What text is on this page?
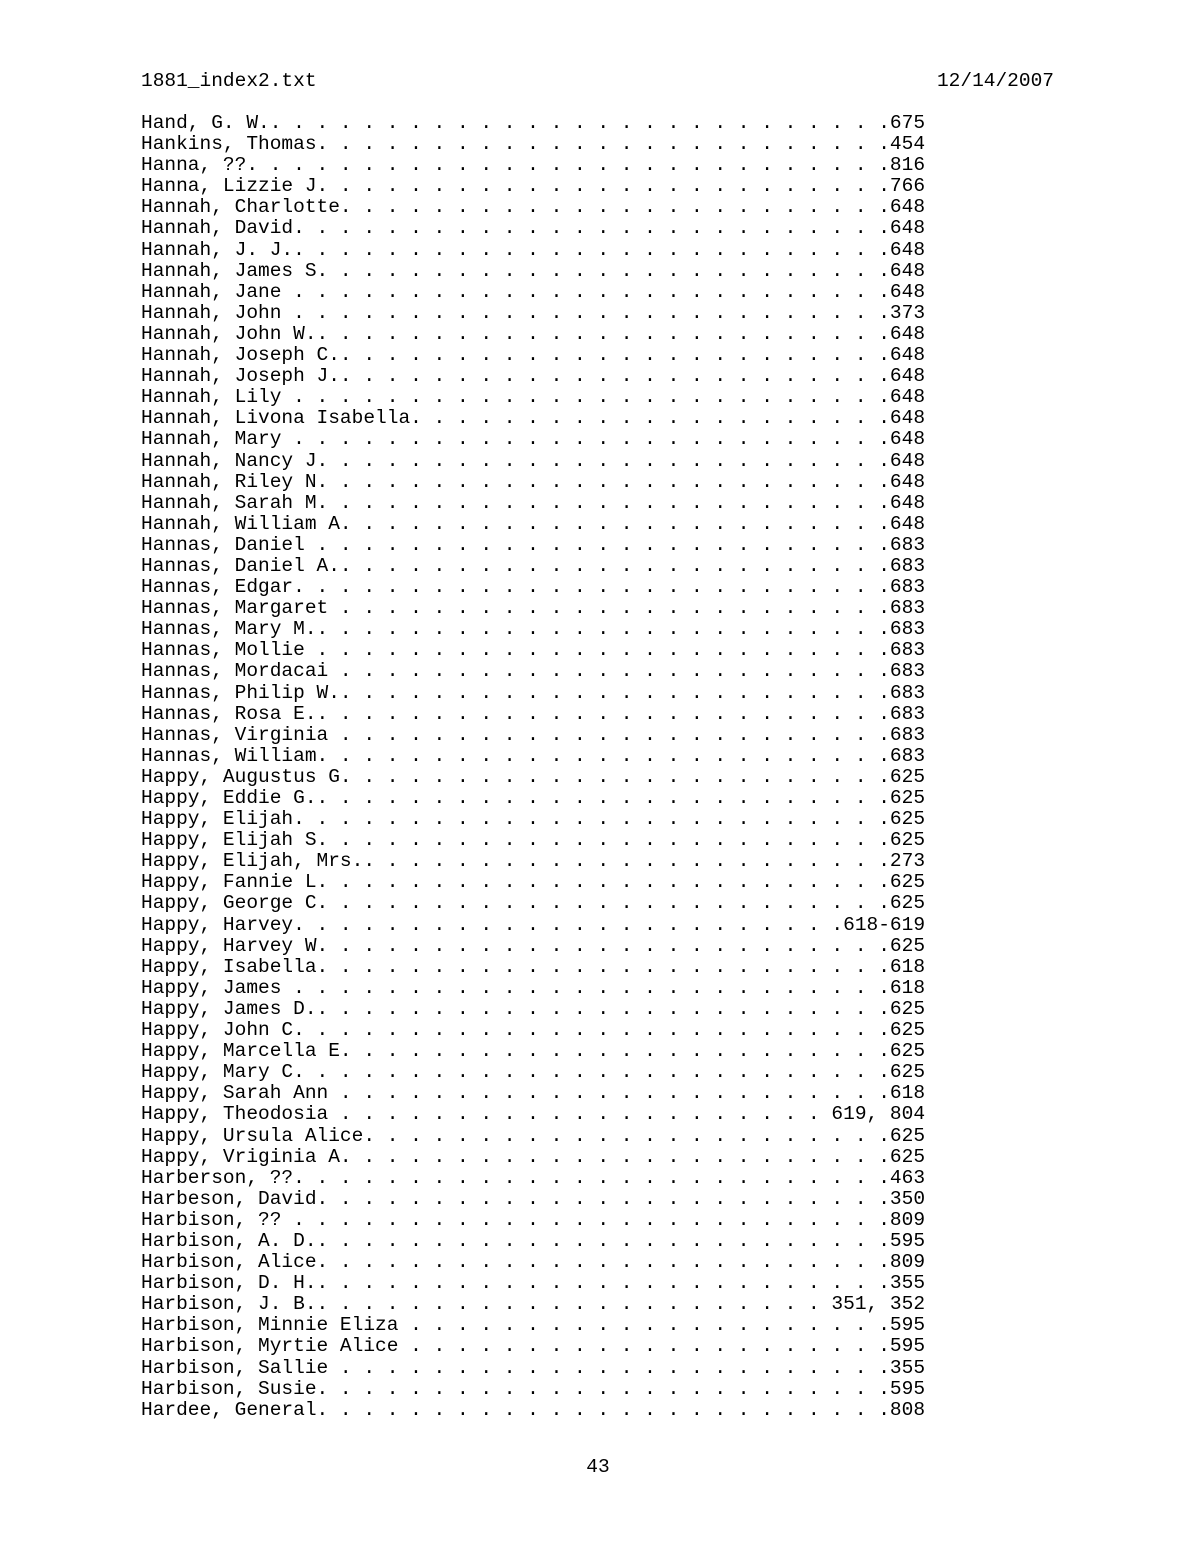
1881_index2.txt	12/14/2007
Hand, G. W.. . . . . . . . . . . . . . . . . . . . . . . . . . .675
Hankins, Thomas. . . . . . . . . . . . . . . . . . . . . . . . .454
Hanna, ??. . . . . . . . . . . . . . . . . . . . . . . . . . . .816
Hanna, Lizzie J. . . . . . . . . . . . . . . . . . . . . . . . .766
Hannah, Charlotte. . . . . . . . . . . . . . . . . . . . . . . .648
Hannah, David. . . . . . . . . . . . . . . . . . . . . . . . . .648
Hannah, J. J.. . . . . . . . . . . . . . . . . . . . . . . . . .648
Hannah, James S. . . . . . . . . . . . . . . . . . . . . . . . .648
Hannah, Jane . . . . . . . . . . . . . . . . . . . . . . . . . .648
Hannah, John . . . . . . . . . . . . . . . . . . . . . . . . . .373
Hannah, John W.. . . . . . . . . . . . . . . . . . . . . . . . .648
Hannah, Joseph C.. . . . . . . . . . . . . . . . . . . . . . . .648
Hannah, Joseph J.. . . . . . . . . . . . . . . . . . . . . . . .648
Hannah, Lily . . . . . . . . . . . . . . . . . . . . . . . . . .648
Hannah, Livona Isabella. . . . . . . . . . . . . . . . . . . . .648
Hannah, Mary . . . . . . . . . . . . . . . . . . . . . . . . . .648
Hannah, Nancy J. . . . . . . . . . . . . . . . . . . . . . . . .648
Hannah, Riley N. . . . . . . . . . . . . . . . . . . . . . . . .648
Hannah, Sarah M. . . . . . . . . . . . . . . . . . . . . . . . .648
Hannah, William A. . . . . . . . . . . . . . . . . . . . . . . .648
Hannas, Daniel . . . . . . . . . . . . . . . . . . . . . . . . .683
Hannas, Daniel A.. . . . . . . . . . . . . . . . . . . . . . . .683
Hannas, Edgar. . . . . . . . . . . . . . . . . . . . . . . . . .683
Hannas, Margaret . . . . . . . . . . . . . . . . . . . . . . . .683
Hannas, Mary M.. . . . . . . . . . . . . . . . . . . . . . . . .683
Hannas, Mollie . . . . . . . . . . . . . . . . . . . . . . . . .683
Hannas, Mordacai . . . . . . . . . . . . . . . . . . . . . . . .683
Hannas, Philip W.. . . . . . . . . . . . . . . . . . . . . . . .683
Hannas, Rosa E.. . . . . . . . . . . . . . . . . . . . . . . . .683
Hannas, Virginia . . . . . . . . . . . . . . . . . . . . . . . .683
Hannas, William. . . . . . . . . . . . . . . . . . . . . . . . .683
Happy, Augustus G. . . . . . . . . . . . . . . . . . . . . . . .625
Happy, Eddie G.. . . . . . . . . . . . . . . . . . . . . . . . .625
Happy, Elijah. . . . . . . . . . . . . . . . . . . . . . . . . .625
Happy, Elijah S. . . . . . . . . . . . . . . . . . . . . . . . .625
Happy, Elijah, Mrs.. . . . . . . . . . . . . . . . . . . . . . .273
Happy, Fannie L. . . . . . . . . . . . . . . . . . . . . . . . .625
Happy, George C. . . . . . . . . . . . . . . . . . . . . . . . .625
Happy, Harvey. . . . . . . . . . . . . . . . . . . . . . . .618-619
Happy, Harvey W. . . . . . . . . . . . . . . . . . . . . . . . .625
Happy, Isabella. . . . . . . . . . . . . . . . . . . . . . . . .618
Happy, James . . . . . . . . . . . . . . . . . . . . . . . . . .618
Happy, James D.. . . . . . . . . . . . . . . . . . . . . . . . .625
Happy, John C. . . . . . . . . . . . . . . . . . . . . . . . . .625
Happy, Marcella E. . . . . . . . . . . . . . . . . . . . . . . .625
Happy, Mary C. . . . . . . . . . . . . . . . . . . . . . . . . .625
Happy, Sarah Ann . . . . . . . . . . . . . . . . . . . . . . . .618
Happy, Theodosia . . . . . . . . . . . . . . . . . . . . . 619, 804
Happy, Ursula Alice. . . . . . . . . . . . . . . . . . . . . . .625
Happy, Vriginia A. . . . . . . . . . . . . . . . . . . . . . . .625
Harberson, ??. . . . . . . . . . . . . . . . . . . . . . . . . .463
Harbeson, David. . . . . . . . . . . . . . . . . . . . . . . . .350
Harbison, ?? . . . . . . . . . . . . . . . . . . . . . . . . . .809
Harbison, A. D.. . . . . . . . . . . . . . . . . . . . . . . . .595
Harbison, Alice. . . . . . . . . . . . . . . . . . . . . . . . .809
Harbison, D. H.. . . . . . . . . . . . . . . . . . . . . . . . .355
Harbison, J. B.. . . . . . . . . . . . . . . . . . . . . . 351, 352
Harbison, Minnie Eliza . . . . . . . . . . . . . . . . . . . . .595
Harbison, Myrtie Alice . . . . . . . . . . . . . . . . . . . . .595
Harbison, Sallie . . . . . . . . . . . . . . . . . . . . . . . .355
Harbison, Susie. . . . . . . . . . . . . . . . . . . . . . . . .595
Hardee, General. . . . . . . . . . . . . . . . . . . . . . . . .808
43
